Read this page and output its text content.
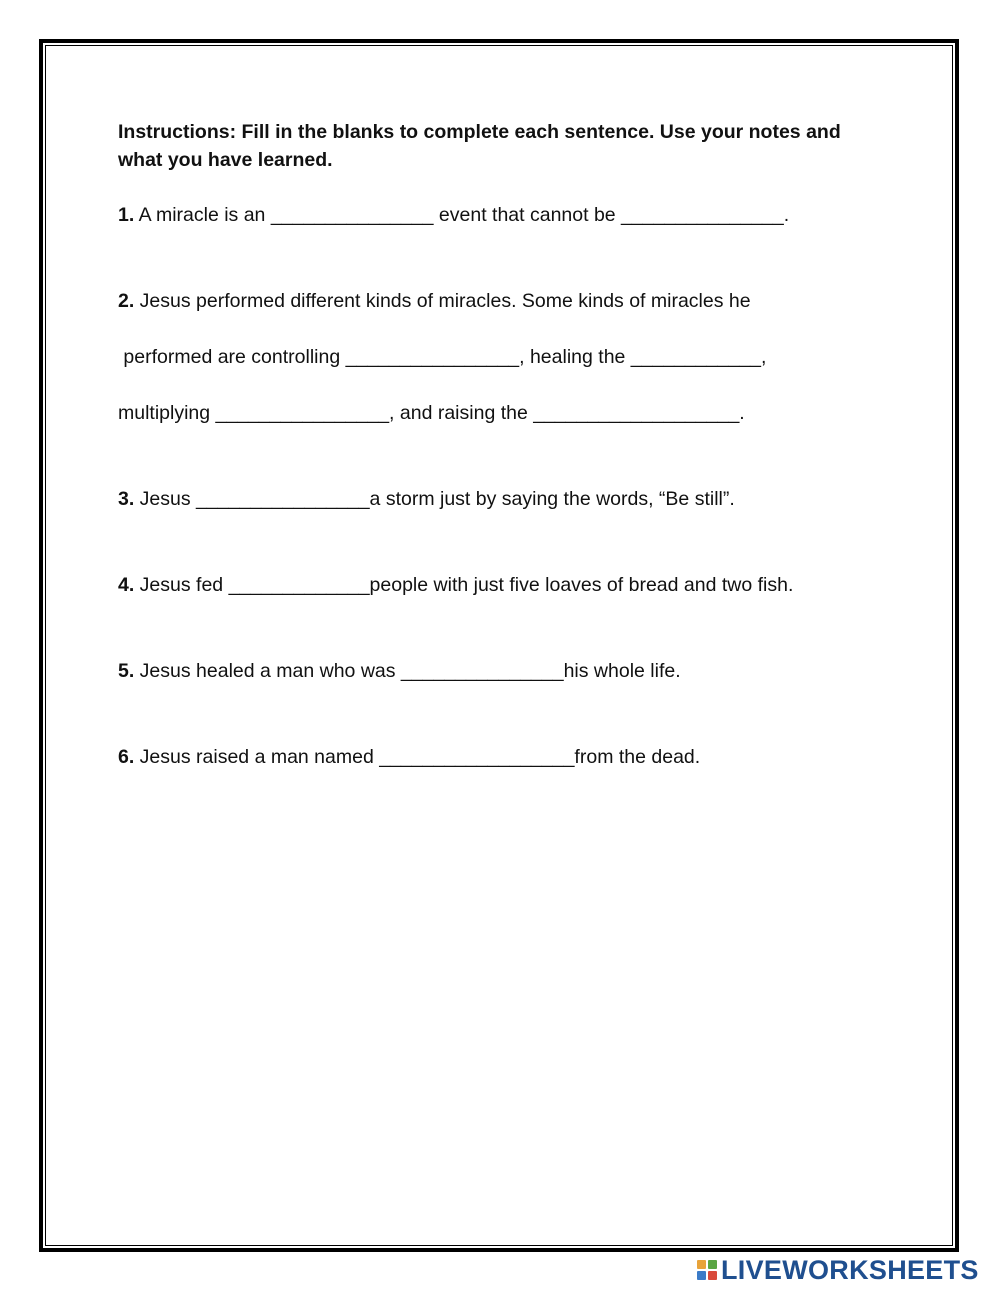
Instructions: Fill in the blanks to complete each sentence. Use your notes and what you have learned.

1. A miracle is an _______________ event that cannot be _______________.

2. Jesus performed different kinds of miracles. Some kinds of miracles he

performed are controlling ________________, healing the ____________,

multiplying ________________, and raising the ___________________.

3. Jesus ________________a storm just by saying the words, “Be still”.

4. Jesus fed _____________people with just five loaves of bread and two fish.

5. Jesus healed a man who was _______________his whole life.

6. Jesus raised a man named __________________from the dead.

LIVEWORKSHEETS
